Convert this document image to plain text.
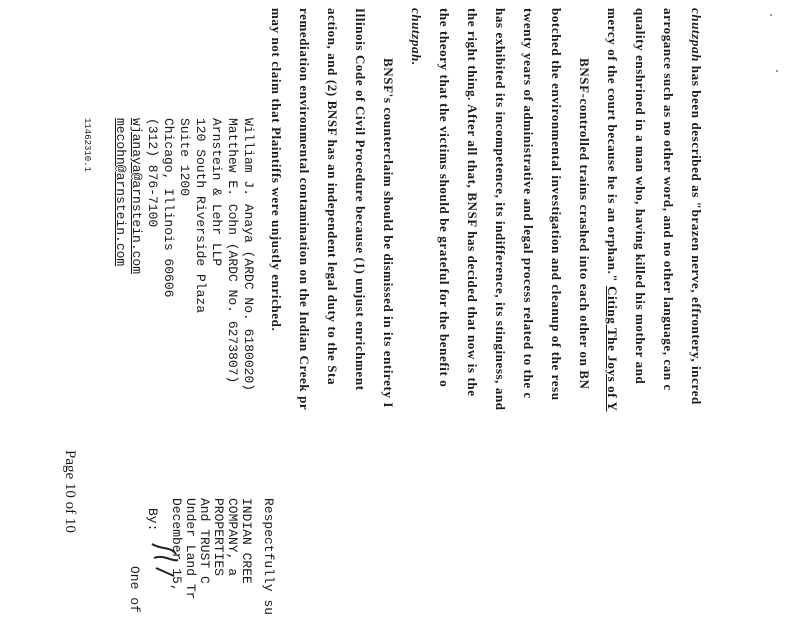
chutzpah has been described as "brazen nerve, effrontery, incred
arrogance such as no other word, and no other language, can c
quality enshrined in a man who, having killed his mother and
mercy of the court because he is an orphan." Citing The Joys of Y
BNSF-controlled trains crashed into each other on BN
botched the environmental investigation and cleanup of the resu
twenty years of administrative and legal process related to the c
has exhibited its incompetence, its indifference, its stinginess, and
the right thing. After all that, BNSF has decided that now is the
the theory that the victims should be grateful for the benefit o
chutzpah.
BNSF's counterclaim should be dismissed in its entirety I
Illinois Code of Civil Procedure because (1) unjust enrichment
action, and (2) BNSF has an independent legal duty to the Sta
remediation environmental contamination on the Indian Creek pr
may not claim that Plaintiffs were unjustly enriched.
William J. Anaya (ARDC No. 6180020)
Matthew E. Cohn (ARDC No. 6273807)
Arnstein & Lehr LLP
120 South Riverside Plaza
Suite 1200
Chicago, Illinois 60606
(312) 876-7100
wjanaya@arnstein.com
mecohn@arnstein.com
Respectfully su
INDIAN CREE
COMPANY, a
PROPERTIES
And TRUST C
Under Land Tr
December 15,
By:
One of
Page 10 of 10
11462310.1
